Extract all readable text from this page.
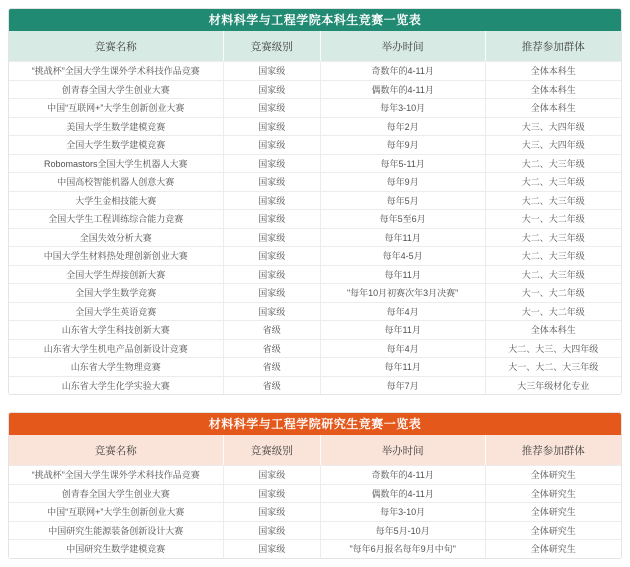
材料科学与工程学院本科生竞赛一览表
竞赛名称	竞赛级别	举办时间	推荐参加群体
“挑战杯”全国大学生课外学术科技作品竞赛	国家级	奇数年的4-11月	全体本科生
创青春全国大学生创业大赛	国家级	偶数年的4-11月	全体本科生
中国“互联网+”大学生创新创业大赛	国家级	每年3-10月	全体本科生
美国大学生数学建模竞赛	国家级	每年2月	大三、大四年级
全国大学生数学建模竞赛	国家级	每年9月	大三、大四年级
Robomastors全国大学生机器人大赛	国家级	每年5-11月	大二、大三年级
中国高校智能机器人创意大赛	国家级	每年9月	大二、大三年级
大学生金相技能大赛	国家级	每年5月	大二、大三年级
全国大学生工程训练综合能力竞赛	国家级	每年5至6月	大一、大二年级
全国失效分析大赛	国家级	每年11月	大二、大三年级
中国大学生材料热处理创新创业大赛	国家级	每年4-5月	大二、大三年级
全国大学生焊接创新大赛	国家级	每年11月	大二、大三年级
全国大学生数学竞赛	国家级	"每年10月初赛次年3月决赛"	大一、大二年级
全国大学生英语竞赛	国家级	每年4月	大一、大二年级
山东省大学生科技创新大赛	省级	每年11月	全体本科生
山东省大学生机电产品创新设计竞赛	省级	每年4月	大二、大三、大四年级
山东省大学生物理竞赛	省级	每年11月	大一、大二、大三年级
山东省大学生化学实验大赛	省级	每年7月	大三年级材化专业
材料科学与工程学院研究生竞赛一览表
竞赛名称	竞赛级别	举办时间	推荐参加群体
“挑战杯”全国大学生课外学术科技作品竞赛	国家级	奇数年的4-11月	全体研究生
创青春全国大学生创业大赛	国家级	偶数年的4-11月	全体研究生
中国“互联网+”大学生创新创业大赛	国家级	每年3-10月	全体研究生
中国研究生能源装备创新设计大赛	国家级	每年5月-10月	全体研究生
中国研究生数学建模竞赛	国家级	"每年6月报名每年9月中旬"	全体研究生
